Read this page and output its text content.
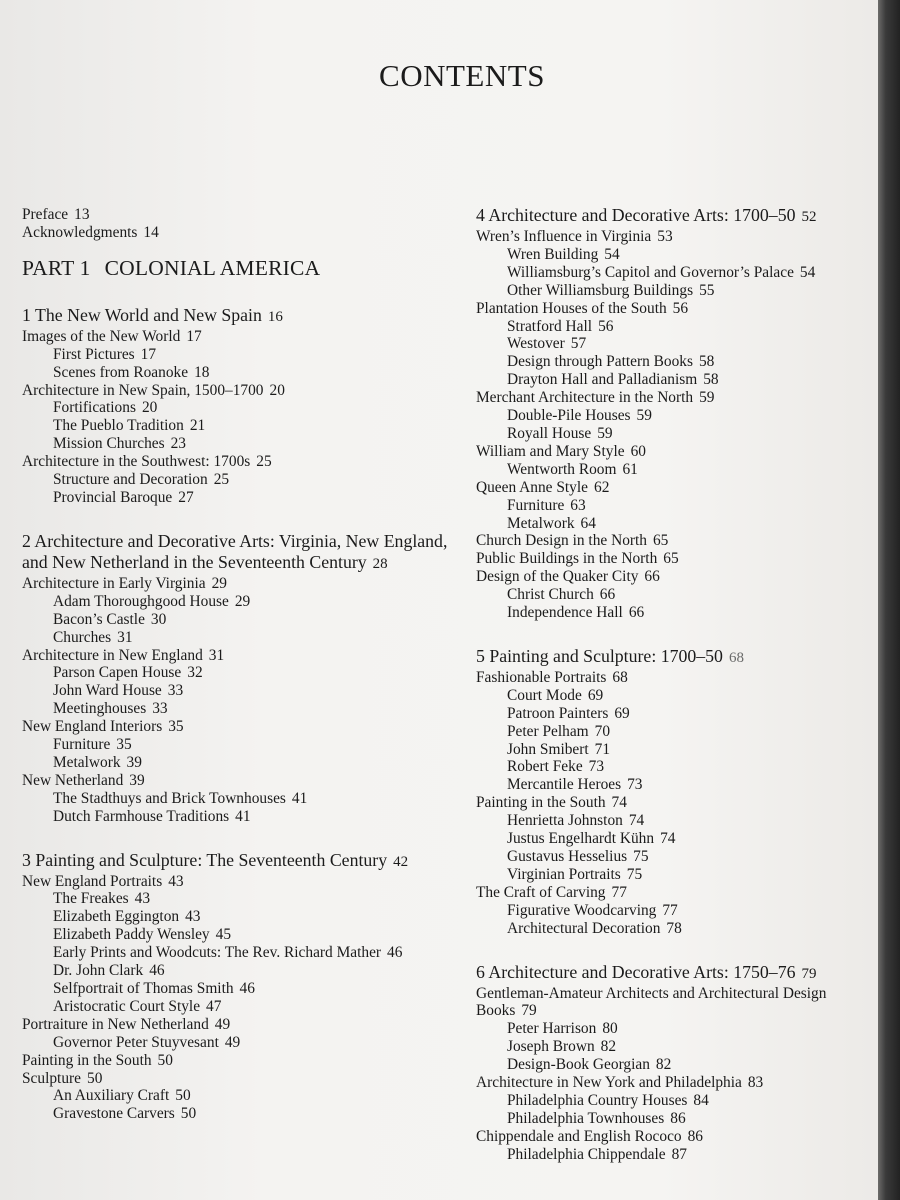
CONTENTS
Preface 13
Acknowledgments 14
PART 1 COLONIAL AMERICA
1 The New World and New Spain 16
Images of the New World 17
First Pictures 17
Scenes from Roanoke 18
Architecture in New Spain, 1500–1700 20
Fortifications 20
The Pueblo Tradition 21
Mission Churches 23
Architecture in the Southwest: 1700s 25
Structure and Decoration 25
Provincial Baroque 27
2 Architecture and Decorative Arts: Virginia, New England, and New Netherland in the Seventeenth Century 28
Architecture in Early Virginia 29
Adam Thoroughgood House 29
Bacon’s Castle 30
Churches 31
Architecture in New England 31
Parson Capen House 32
John Ward House 33
Meetinghouses 33
New England Interiors 35
Furniture 35
Metalwork 39
New Netherland 39
The Stadthuys and Brick Townhouses 41
Dutch Farmhouse Traditions 41
3 Painting and Sculpture: The Seventeenth Century 42
New England Portraits 43
The Freakes 43
Elizabeth Eggington 43
Elizabeth Paddy Wensley 45
Early Prints and Woodcuts: The Rev. Richard Mather 46
Dr. John Clark 46
Selfportrait of Thomas Smith 46
Aristocratic Court Style 47
Portraiture in New Netherland 49
Governor Peter Stuyvesant 49
Painting in the South 50
Sculpture 50
An Auxiliary Craft 50
Gravestone Carvers 50
4 Architecture and Decorative Arts: 1700–50 52
Wren’s Influence in Virginia 53
Wren Building 54
Williamsburg’s Capitol and Governor’s Palace 54
Other Williamsburg Buildings 55
Plantation Houses of the South 56
Stratford Hall 56
Westover 57
Design through Pattern Books 58
Drayton Hall and Palladianism 58
Merchant Architecture in the North 59
Double-Pile Houses 59
Royall House 59
William and Mary Style 60
Wentworth Room 61
Queen Anne Style 62
Furniture 63
Metalwork 64
Church Design in the North 65
Public Buildings in the North 65
Design of the Quaker City 66
Christ Church 66
Independence Hall 66
5 Painting and Sculpture: 1700–50 68
Fashionable Portraits 68
Court Mode 69
Patroon Painters 69
Peter Pelham 70
John Smibert 71
Robert Feke 73
Mercantile Heroes 73
Painting in the South 74
Henrietta Johnston 74
Justus Engelhardt Kühn 74
Gustavus Hesselius 75
Virginian Portraits 75
The Craft of Carving 77
Figurative Woodcarving 77
Architectural Decoration 78
6 Architecture and Decorative Arts: 1750–76 79
Gentleman-Amateur Architects and Architectural Design Books 79
Peter Harrison 80
Joseph Brown 82
Design-Book Georgian 82
Architecture in New York and Philadelphia 83
Philadelphia Country Houses 84
Philadelphia Townhouses 86
Chippendale and English Rococo 86
Philadelphia Chippendale 87
